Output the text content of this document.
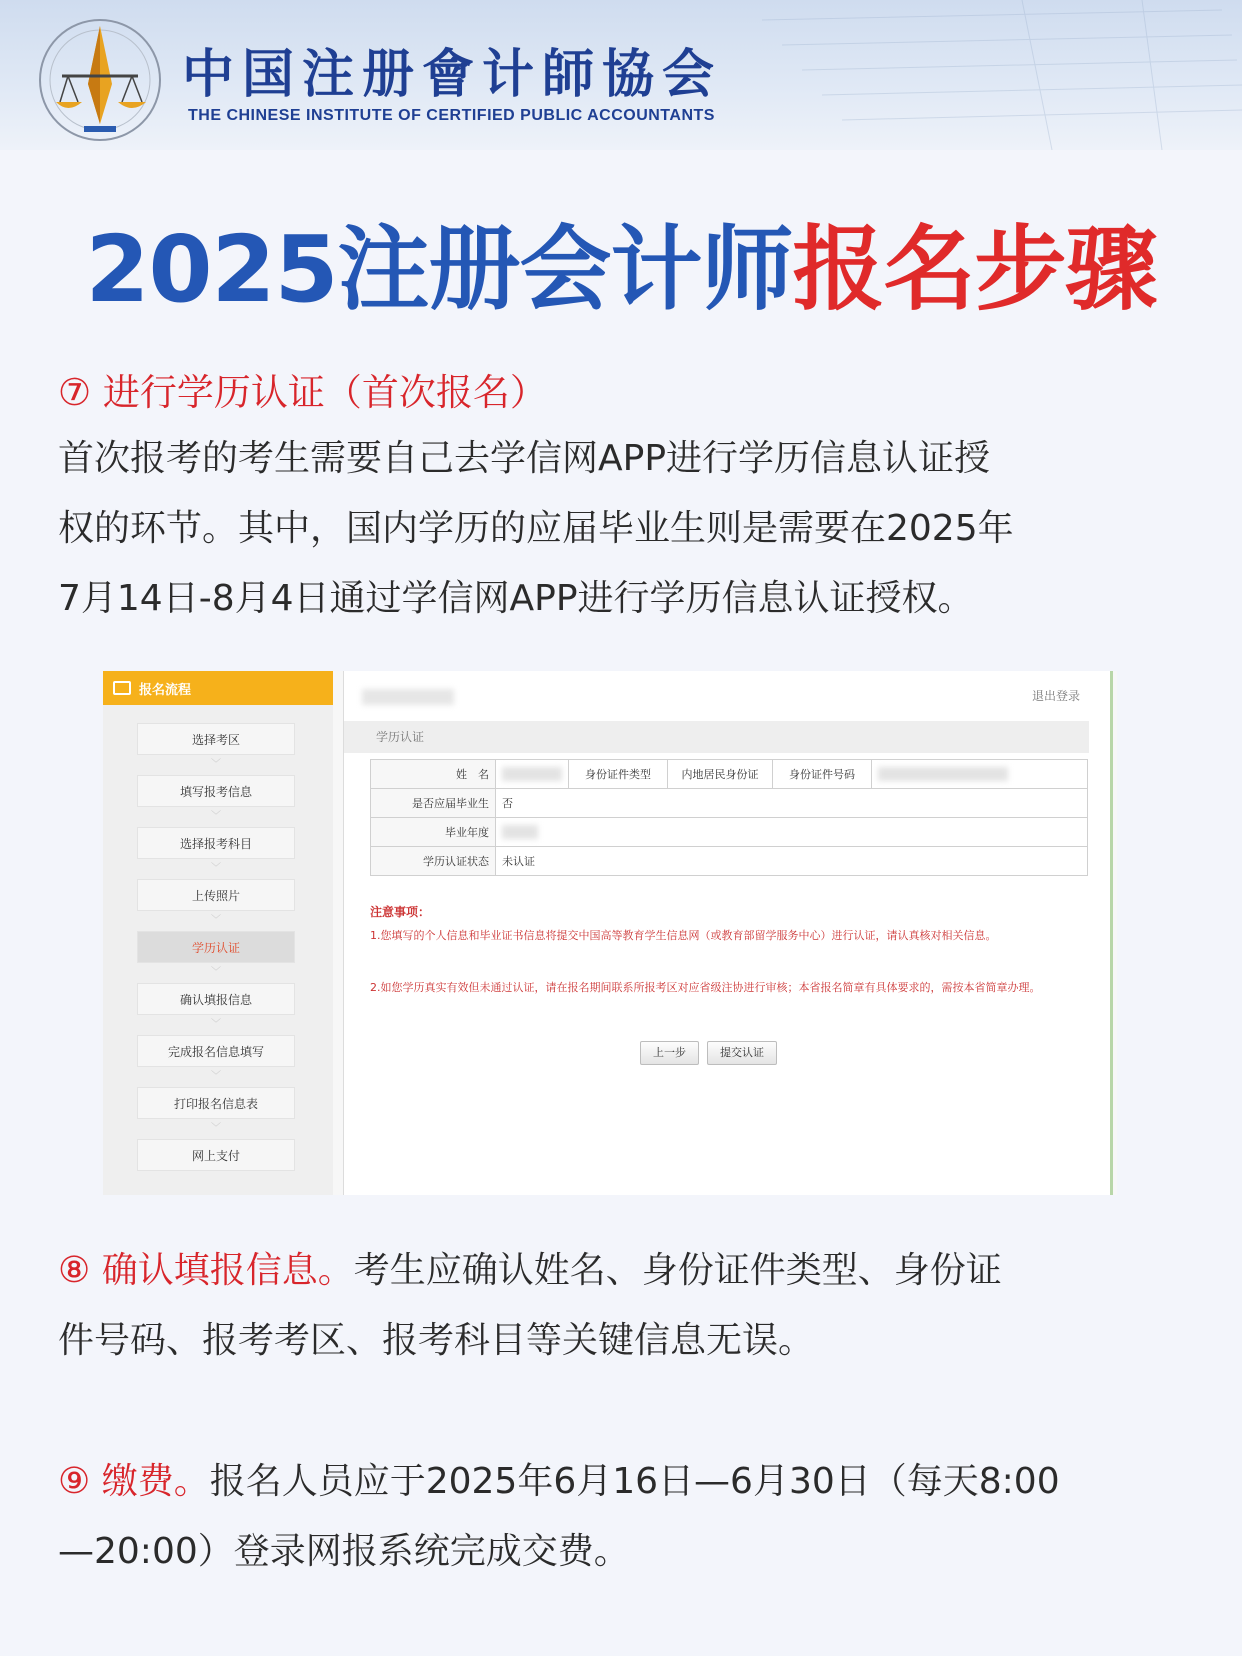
中国注册會计師協会
THE CHINESE INSTITUTE OF CERTIFIED PUBLIC ACCOUNTANTS
2025注册会计师报名步骤
⑦ 进行学历认证（首次报名）
首次报考的考生需要自己去学信网APP进行学历信息认证授
权的环节。其中，国内学历的应届毕业生则是需要在2025年
7月14日-8月4日通过学信网APP进行学历信息认证授权。
报名流程
选择考区
﹀
填写报考信息
﹀
选择报考科目
﹀
上传照片
﹀
学历认证
﹀
确认填报信息
﹀
完成报名信息填写
﹀
打印报名信息表
﹀
网上支付
退出登录
学历认证
姓　名		身份证件类型	内地居民身份证	身份证件号码	
是否应届毕业生	否				
毕业年度					
学历认证状态	未认证				
注意事项：
1.您填写的个人信息和毕业证书信息将提交中国高等教育学生信息网（或教育部留学服务中心）进行认证，请认真核对相关信息。
2.如您学历真实有效但未通过认证，请在报名期间联系所报考区对应省级注协进行审核；本省报名简章有具体要求的，需按本省简章办理。
上一步	提交认证
⑧ 确认填报信息。考生应确认姓名、身份证件类型、身份证
件号码、报考考区、报考科目等关键信息无误。
⑨ 缴费。报名人员应于2025年6月16日—6月30日（每天8:00
—20:00）登录网报系统完成交费。
